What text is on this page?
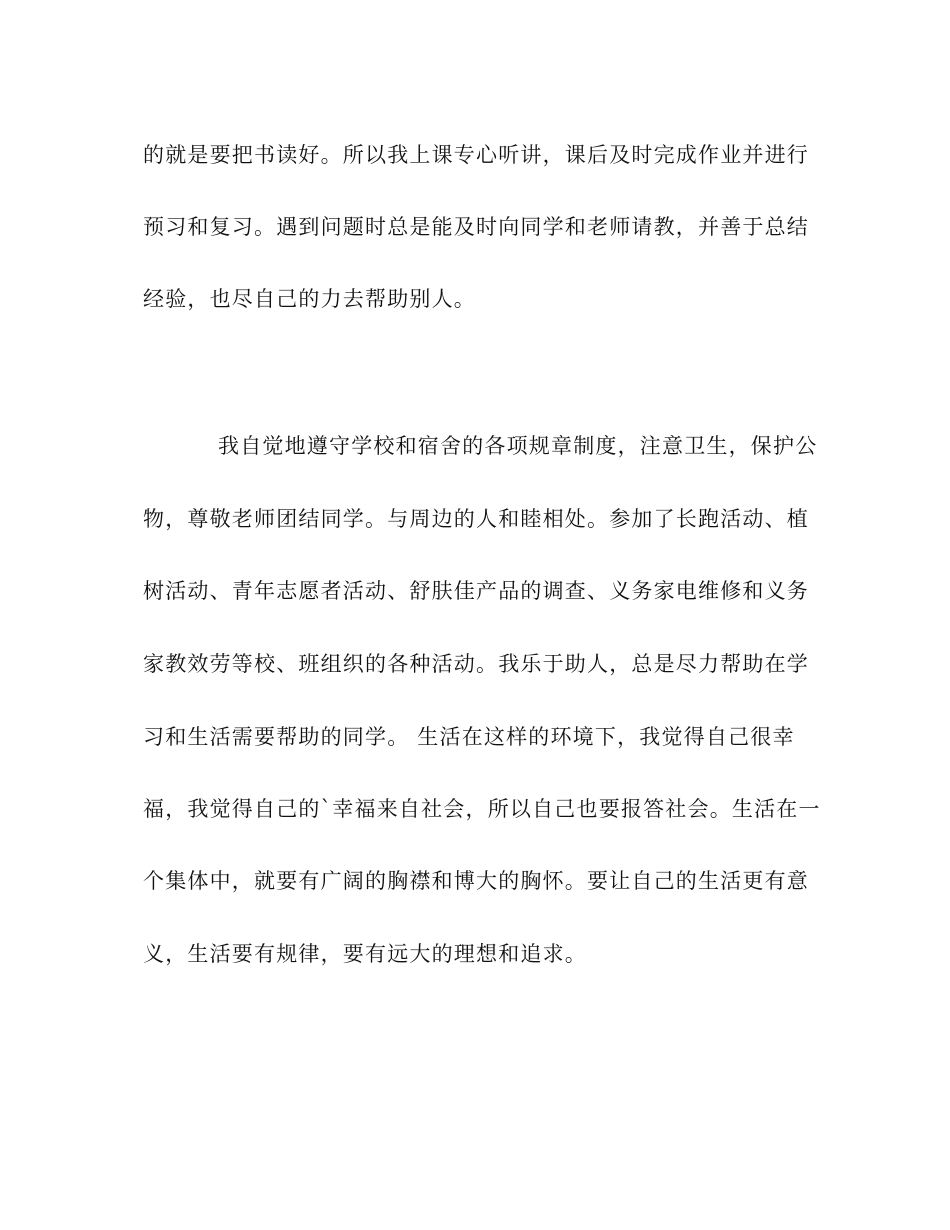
的就是要把书读好。所以我上课专心听讲，课后及时完成作业并进行
预习和复习。遇到问题时总是能及时向同学和老师请教，并善于总结
经验，也尽自己的力去帮助别人。
我自觉地遵守学校和宿舍的各项规章制度，注意卫生，保护公
物，尊敬老师团结同学。与周边的人和睦相处。参加了长跑活动、植
树活动、青年志愿者活动、舒肤佳产品的调查、义务家电维修和义务
家教效劳等校、班组织的各种活动。我乐于助人，总是尽力帮助在学
习和生活需要帮助的同学。 生活在这样的环境下，我觉得自己很幸
福，我觉得自己的`幸福来自社会，所以自己也要报答社会。生活在一
个集体中，就要有广阔的胸襟和博大的胸怀。要让自己的生活更有意
义，生活要有规律，要有远大的理想和追求。
